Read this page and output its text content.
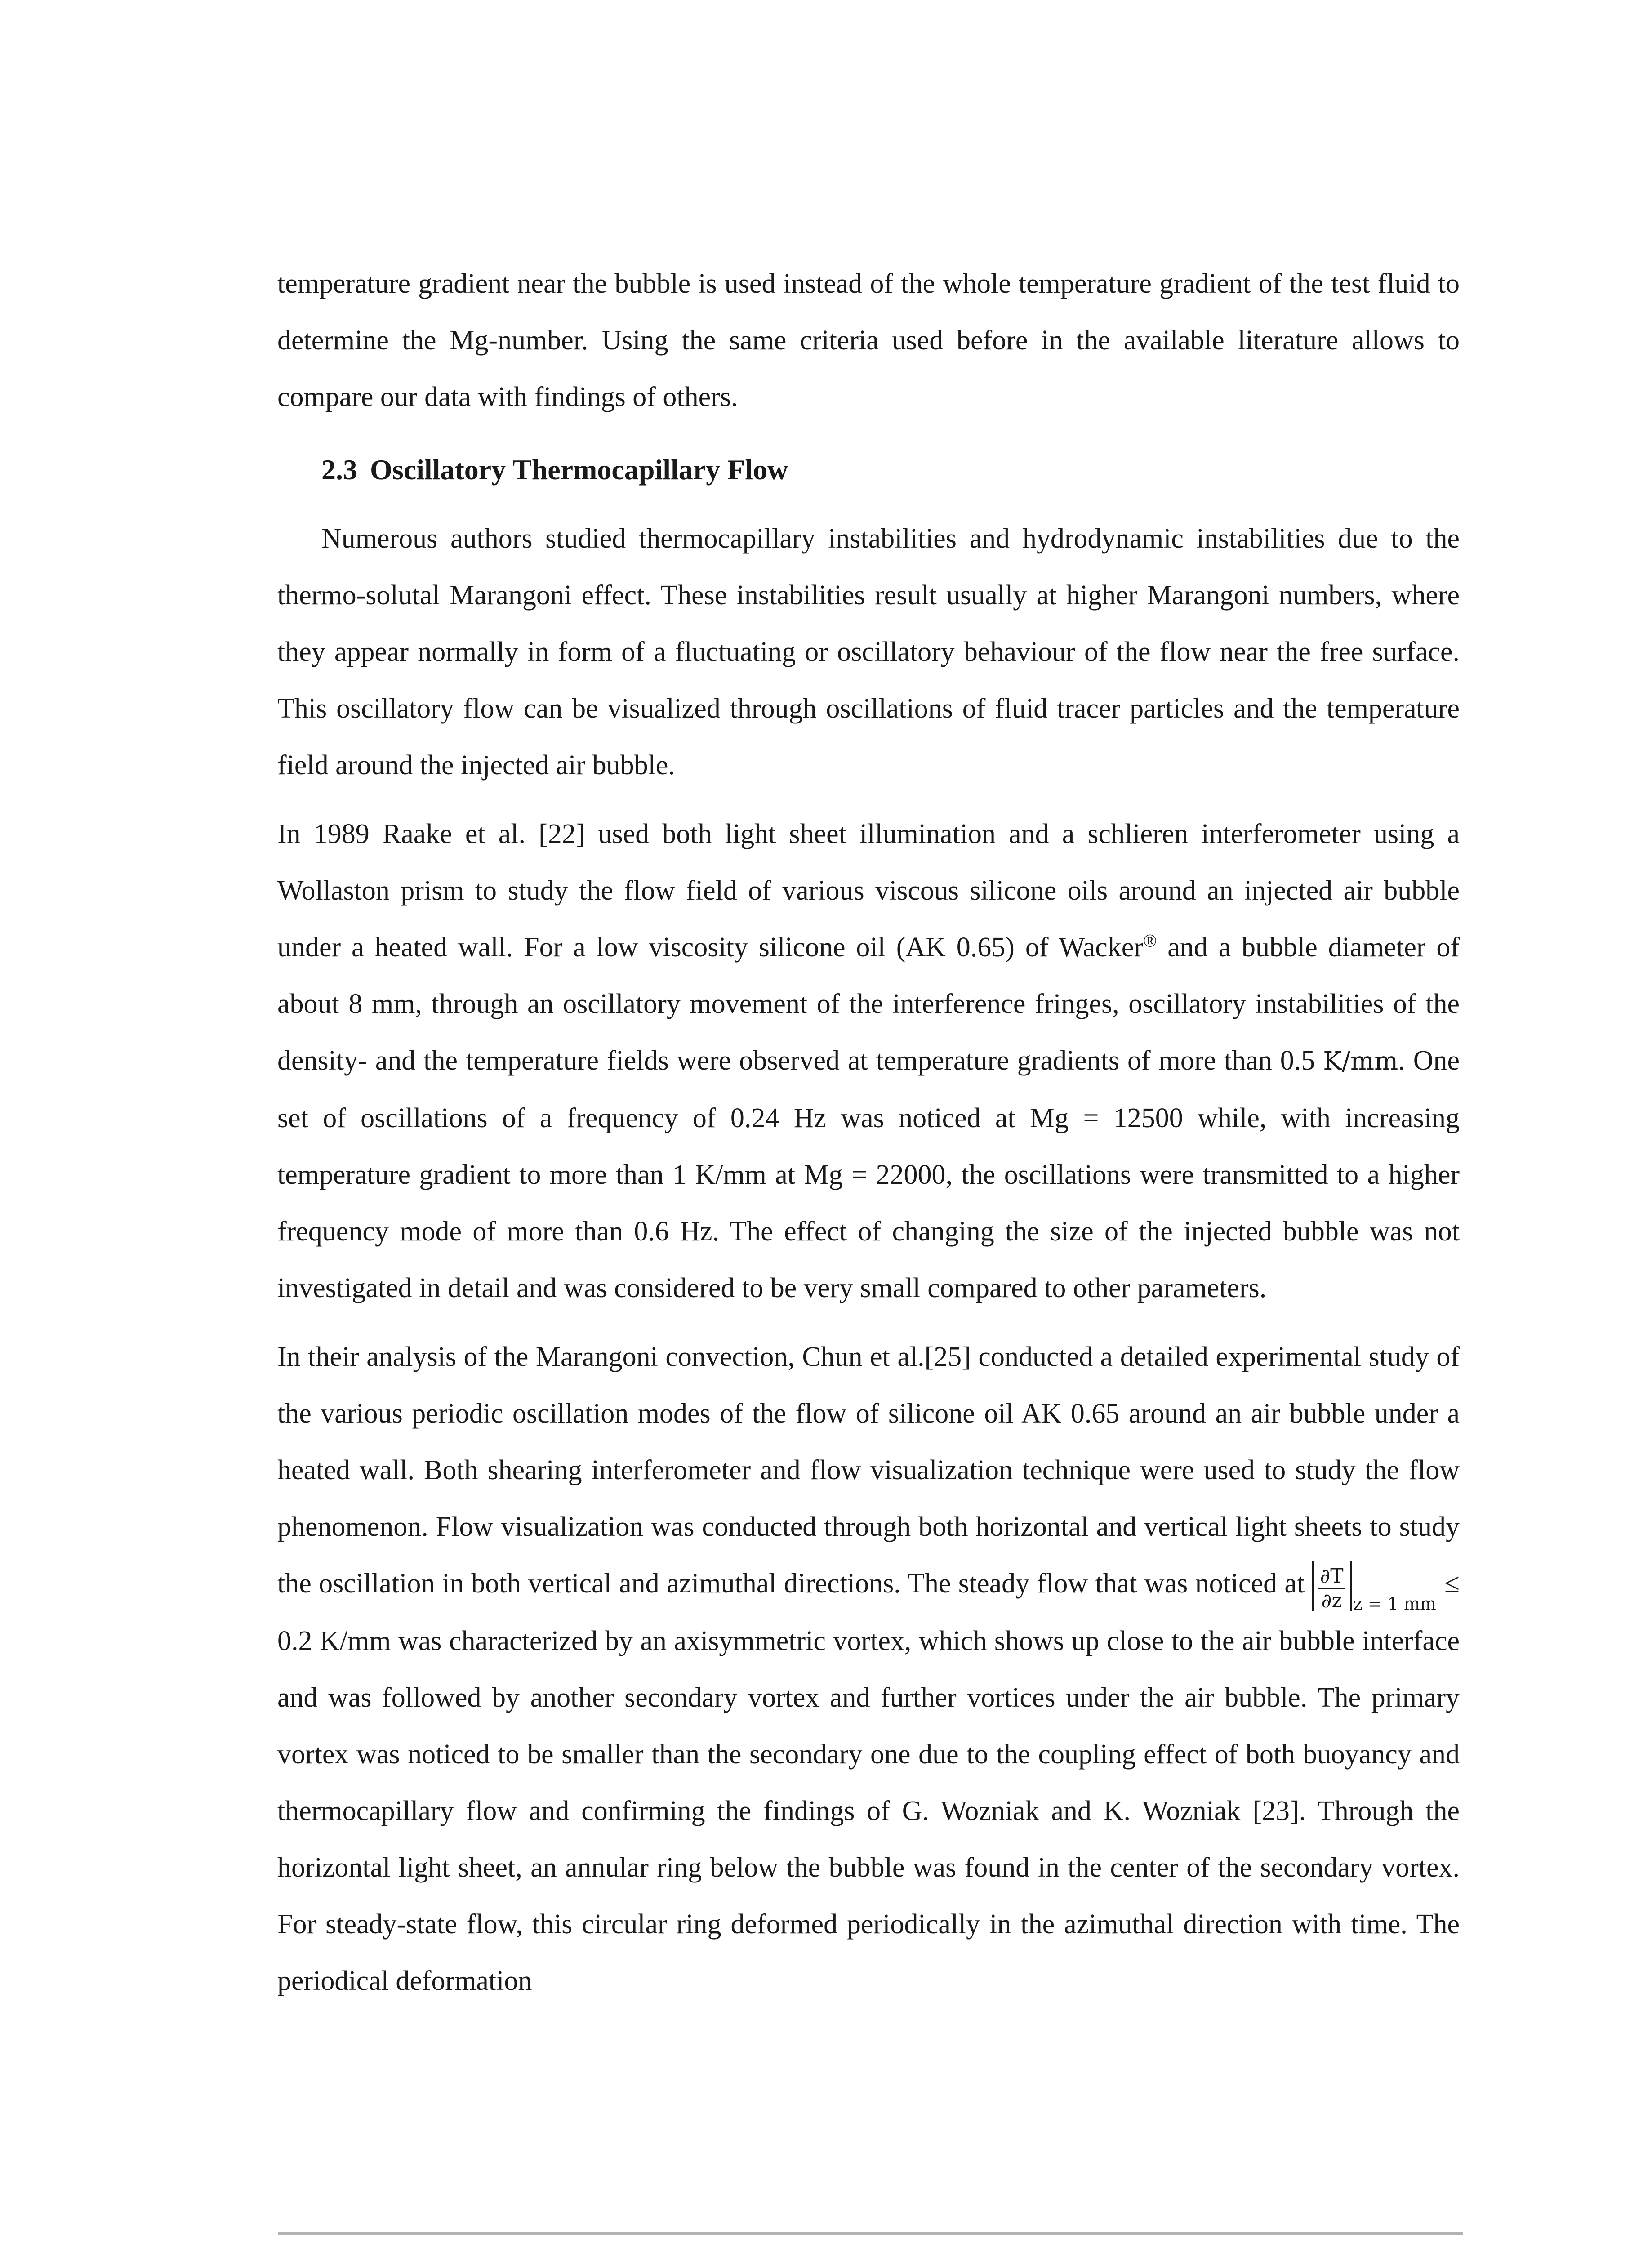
temperature gradient near the bubble is used instead of the whole temperature gradient of the test fluid to determine the Mg-number. Using the same criteria used before in the available literature allows to compare our data with findings of others.

2.3 Oscillatory Thermocapillary Flow

Numerous authors studied thermocapillary instabilities and hydrodynamic instabilities due to the thermo-solutal Marangoni effect. These instabilities result usually at higher Marangoni numbers, where they appear normally in form of a fluctuating or oscillatory behaviour of the flow near the free surface. This oscillatory flow can be visualized through oscillations of fluid tracer particles and the temperature field around the injected air bubble.

In 1989 Raake et al. [22] used both light sheet illumination and a schlieren interferometer using a Wollaston prism to study the flow field of various viscous silicone oils around an injected air bubble under a heated wall. For a low viscosity silicone oil (AK 0.65) of Wacker® and a bubble diameter of about 8 mm, through an oscillatory movement of the interference fringes, oscillatory instabilities of the density- and the temperature fields were observed at temperature gradients of more than 0.5 K/mm. One set of oscillations of a frequency of 0.24 Hz was noticed at Mg = 12500 while, with increasing temperature gradient to more than 1 K/mm at Mg = 22000, the oscillations were transmitted to a higher frequency mode of more than 0.6 Hz. The effect of changing the size of the injected bubble was not investigated in detail and was considered to be very small compared to other parameters.

In their analysis of the Marangoni convection, Chun et al.[25] conducted a detailed experimental study of the various periodic oscillation modes of the flow of silicone oil AK 0.65 around an air bubble under a heated wall. Both shearing interferometer and flow visualization technique were used to study the flow phenomenon. Flow visualization was conducted through both horizontal and vertical light sheets to study the oscillation in both vertical and azimuthal directions. The steady flow that was noticed at $\frac{\partial T}{\partial z}$ z = 1 mm≤ 0.2 K/mm was characterized by an axisymmetric vortex, which shows up close to the air bubble interface and was followed by another secondary vortex and further vortices under the air bubble. The primary vortex was noticed to be smaller than the secondary one due to the coupling effect of both buoyancy and thermocapillary flow and confirming the findings of G. Wozniak and K. Wozniak [23]. Through the horizontal light sheet, an annular ring below the bubble was found in the center of the secondary vortex. For steady-state flow, this circular ring deformed periodically in the azimuthal direction with time. The periodical deformation
